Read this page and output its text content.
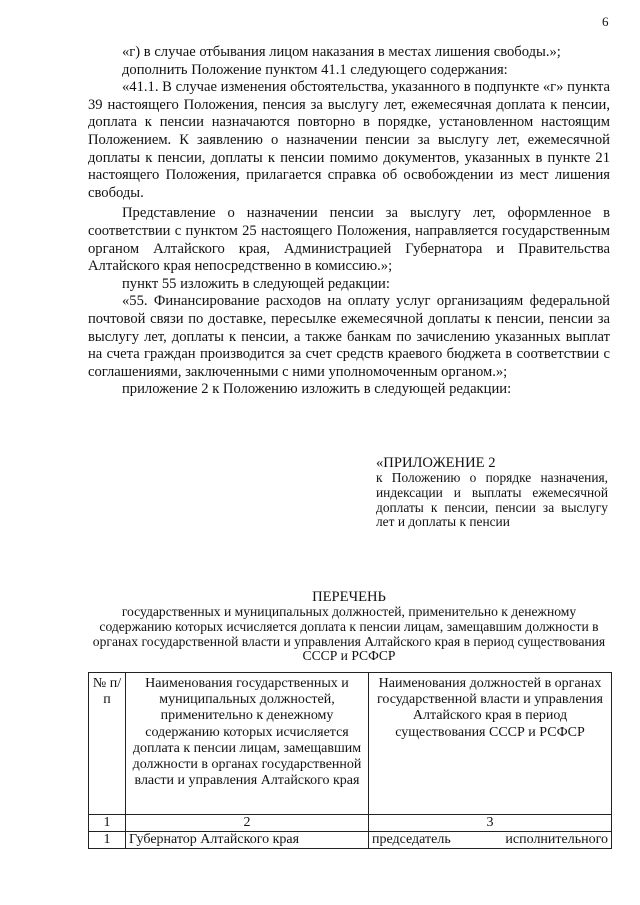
6

«г) в случае отбывания лицом наказания в местах лишения свободы.»;

дополнить Положение пунктом 41.1 следующего содержания:

«41.1. В случае изменения обстоятельства, указанного в подпункте «г» пункта 39 настоящего Положения, пенсия за выслугу лет, ежемесячная доплата к пенсии, доплата к пенсии назначаются повторно в порядке, установленном настоящим Положением. К заявлению о назначении пенсии за выслугу лет, ежемесячной доплаты к пенсии, доплаты к пенсии помимо документов, указанных в пункте 21 настоящего Положения, прилагается справка об освобождении из мест лишения свободы.

Представление о назначении пенсии за выслугу лет, оформленное в соответствии с пунктом 25 настоящего Положения, направляется государственным органом Алтайского края, Администрацией Губернатора и Правительства Алтайского края непосредственно в комиссию.»;

пункт 55 изложить в следующей редакции:

«55. Финансирование расходов на оплату услуг организациям федеральной почтовой связи по доставке, пересылке ежемесячной доплаты к пенсии, пенсии за выслугу лет, доплаты к пенсии, а также банкам по зачислению указанных выплат на счета граждан производится за счет средств краевого бюджета в соответствии с соглашениями, заключенными с ними уполномоченным органом.»;

приложение 2 к Положению изложить в следующей редакции:

«ПРИЛОЖЕНИЕ 2
к Положению о порядке назначения, индексации и выплаты ежемесячной доплаты к пенсии, пенсии за выслугу лет и доплаты к пенсии
ПЕРЕЧЕНЬ
государственных и муниципальных должностей, применительно к денежному содержанию которых исчисляется доплата к пенсии лицам, замещавшим должности в органах государственной власти и управления Алтайского края в период существования СССР и РСФСР
№ п/п	Наименования государственных и муниципальных должностей, применительно к денежному содержанию которых исчисляется доплата к пенсии лицам, замещавшим должности в органах государственной власти и управления Алтайского края	Наименования должностей в органах государственной власти и управления Алтайского края в период существования СССР и РСФСР
1	2	3
1	Губернатор Алтайского края	председатель исполнительного
